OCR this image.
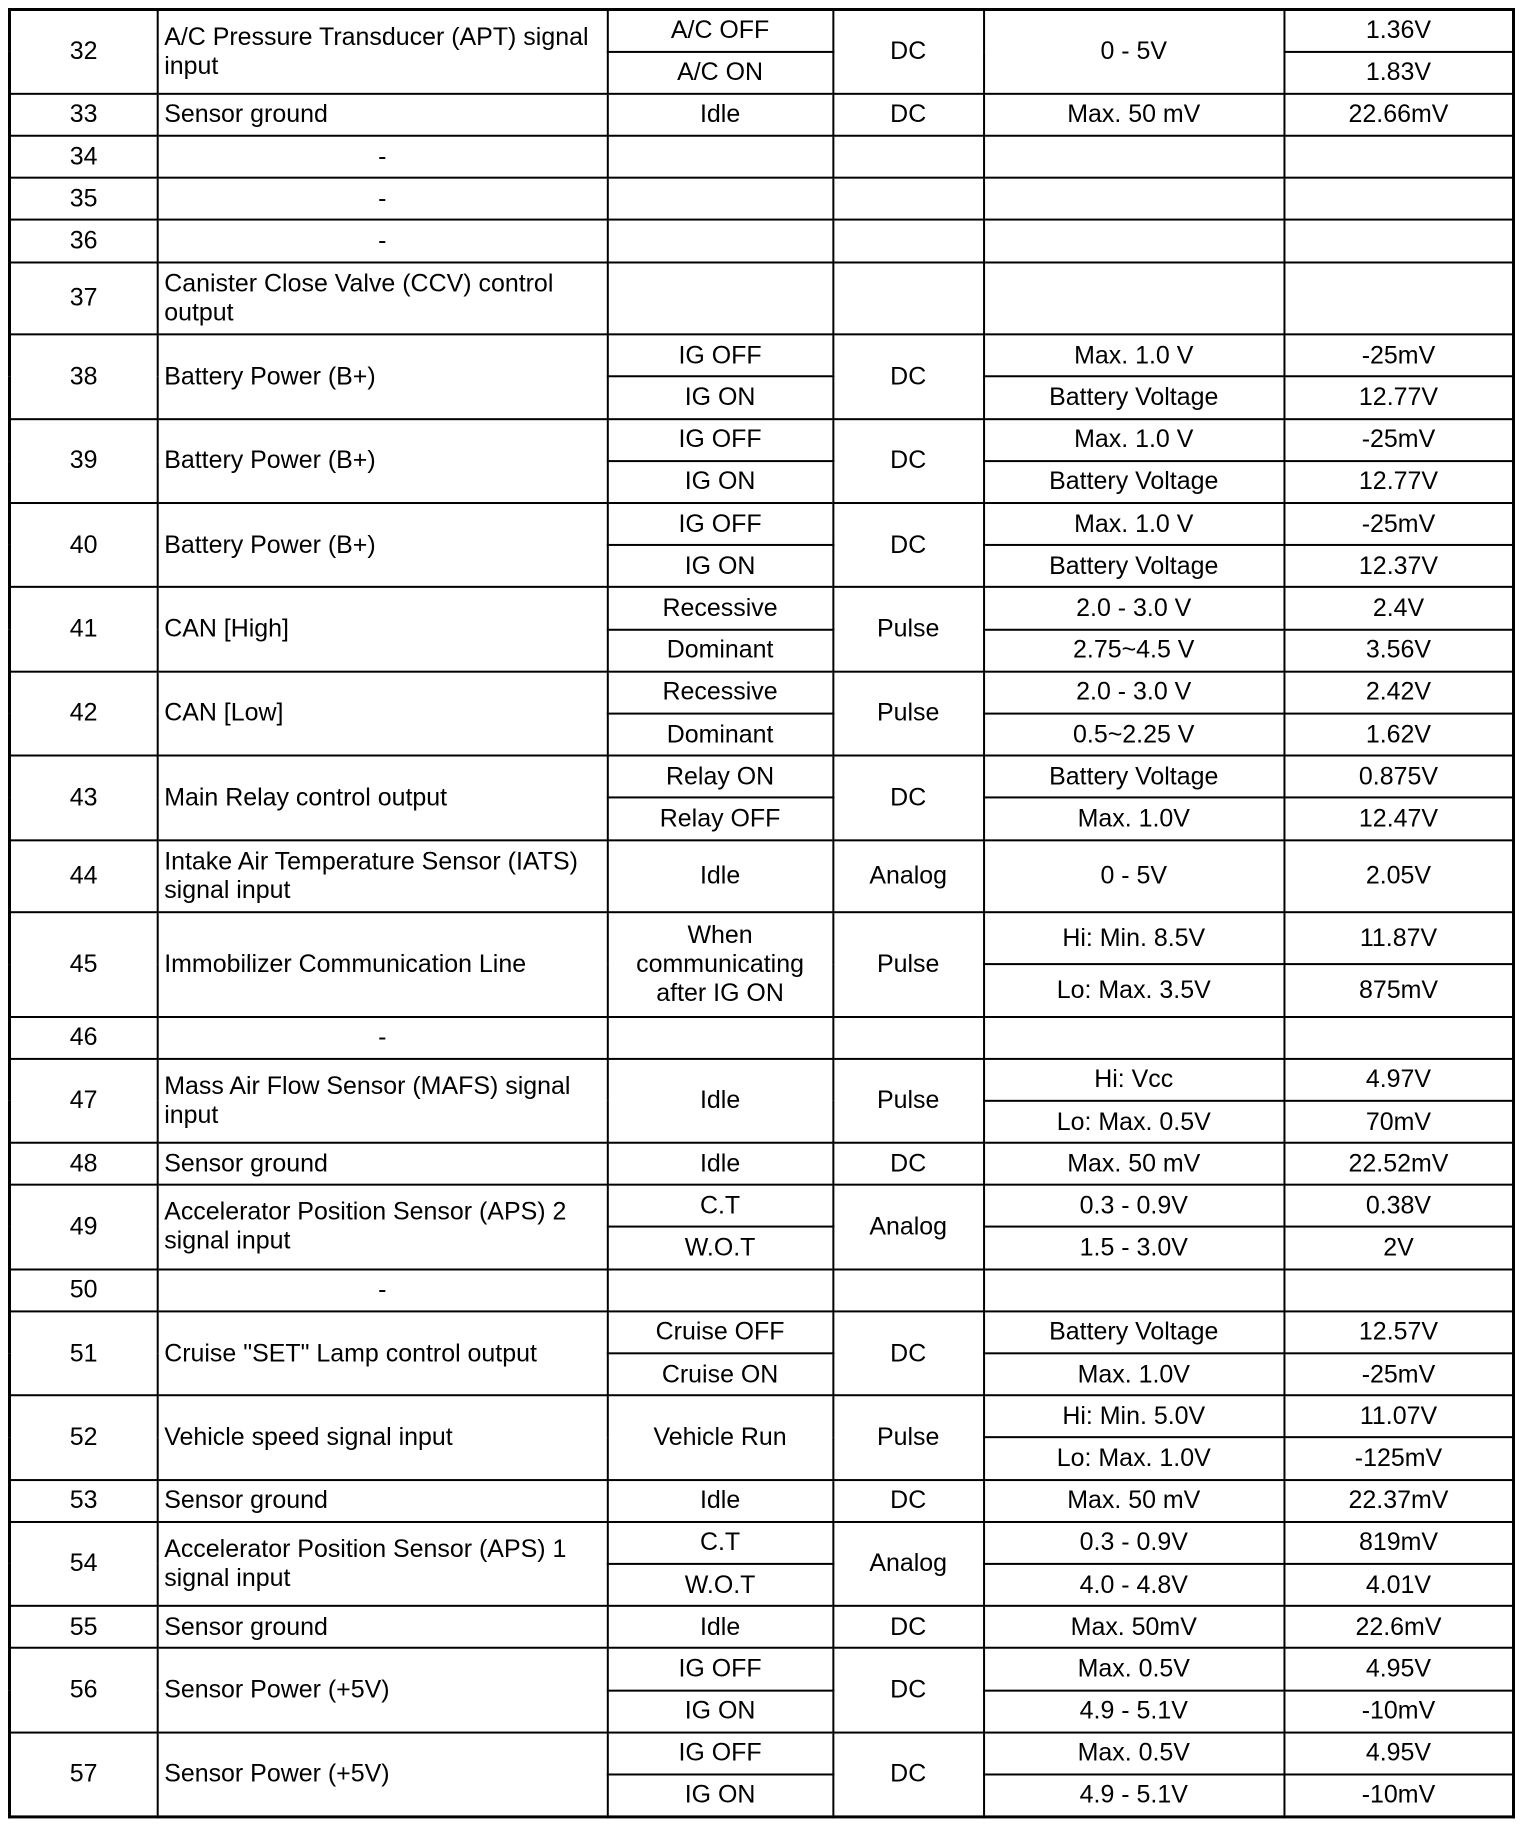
32	A/C Pressure Transducer (APT) signal input	A/C OFF	DC	0 - 5V	1.36V
		A/C ON			1.83V
33	Sensor ground	Idle	DC	Max. 50 mV	22.66mV
34	-				
35	-				
36	-				
37	Canister Close Valve (CCV) control output				
38	Battery Power (B+)	IG OFF	DC	Max. 1.0 V	-25mV
		IG ON		Battery Voltage	12.77V
39	Battery Power (B+)	IG OFF	DC	Max. 1.0 V	-25mV
		IG ON		Battery Voltage	12.77V
40	Battery Power (B+)	IG OFF	DC	Max. 1.0 V	-25mV
		IG ON		Battery Voltage	12.37V
41	CAN [High]	Recessive	Pulse	2.0 - 3.0 V	2.4V
		Dominant		2.75~4.5 V	3.56V
42	CAN [Low]	Recessive	Pulse	2.0 - 3.0 V	2.42V
		Dominant		0.5~2.25 V	1.62V
43	Main Relay control output	Relay ON	DC	Battery Voltage	0.875V
		Relay OFF		Max. 1.0V	12.47V
44	Intake Air Temperature Sensor (IATS) signal input	Idle	Analog	0 - 5V	2.05V
45	Immobilizer Communication Line	When communicating after IG ON	Pulse	Hi: Min. 8.5V	11.87V
				Lo: Max. 3.5V	875mV
46	-				
47	Mass Air Flow Sensor (MAFS) signal input	Idle	Pulse	Hi: Vcc	4.97V
				Lo: Max. 0.5V	70mV
48	Sensor ground	Idle	DC	Max. 50 mV	22.52mV
49	Accelerator Position Sensor (APS) 2 signal input	C.T	Analog	0.3 - 0.9V	0.38V
		W.O.T		1.5 - 3.0V	2V
50	-				
51	Cruise "SET" Lamp control output	Cruise OFF	DC	Battery Voltage	12.57V
		Cruise ON		Max. 1.0V	-25mV
52	Vehicle speed signal input	Vehicle Run	Pulse	Hi: Min. 5.0V	11.07V
				Lo: Max. 1.0V	-125mV
53	Sensor ground	Idle	DC	Max. 50 mV	22.37mV
54	Accelerator Position Sensor (APS) 1 signal input	C.T	Analog	0.3 - 0.9V	819mV
		W.O.T		4.0 - 4.8V	4.01V
55	Sensor ground	Idle	DC	Max. 50mV	22.6mV
56	Sensor Power (+5V)	IG OFF	DC	Max. 0.5V	4.95V
		IG ON		4.9 - 5.1V	-10mV
57	Sensor Power (+5V)	IG OFF	DC	Max. 0.5V	4.95V
		IG ON		4.9 - 5.1V	-10mV
